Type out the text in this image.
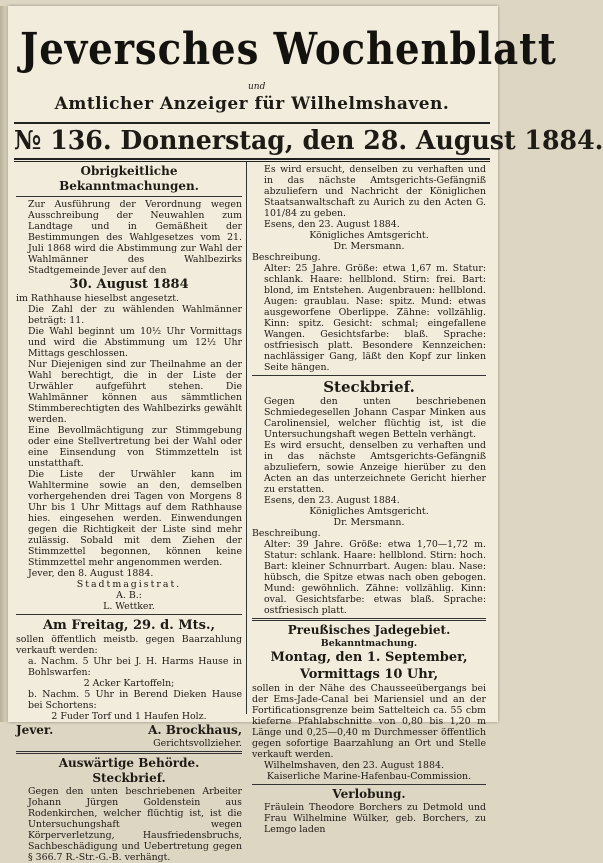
Jeversches Wochenblatt
und
Amtlicher Anzeiger für Wilhelmshaven.
№ 136. Donnerstag, den 28. August 1884.
Obrigkeitliche Bekanntmachungen.

Zur Ausführung der Verordnung wegen Ausschreibung der Neuwahlen zum Landtage und in Gemäßheit der Bestimmungen des Wahlgesetzes vom 21. Juli 1868 wird die Abstimmung zur Wahl der Wahlmänner des Wahlbezirks Stadtgemeinde Jever auf den

30. August 1884

im Rathhause hieselbst angesetzt.

Die Zahl der zu wählenden Wahlmänner beträgt: 11.

Die Wahl beginnt um 10½ Uhr Vormittags und wird die Abstimmung um 12½ Uhr Mittags geschlossen.

Nur Diejenigen sind zur Theilnahme an der Wahl berechtigt, die in der Liste der Urwähler aufgeführt stehen. Die Wahlmänner können aus sämmtlichen Stimmberechtigten des Wahlbezirks gewählt werden.

Eine Bevollmächtigung zur Stimmgebung oder eine Stellvertretung bei der Wahl oder eine Einsendung von Stimmzetteln ist unstatthaft.

Die Liste der Urwähler kann im Wahltermine sowie an den, demselben vorhergehenden drei Tagen von Morgens 8 Uhr bis 1 Uhr Mittags auf dem Rathhause hies. eingesehen werden. Einwendungen gegen die Richtigkeit der Liste sind mehr zulässig. Sobald mit dem Ziehen der Stimmzettel begonnen, können keine Stimmzettel mehr angenommen werden.

Jever, den 8. August 1884.

Stadtmagistrat.
A. B.:
L. Wettker.
Am Freitag, 29. d. Mts.,

sollen öffentlich meistb. gegen Baarzahlung verkauft werden:

a. Nachm. 5 Uhr bei J. H. Harms Hause in Bohlswarfen:

2 Acker Kartoffeln;

b. Nachm. 5 Uhr in Berend Dieken Hause bei Schortens:

2 Fuder Torf und 1 Haufen Holz.
Jever.	A. Brockhaus,
Gerichtsvollzieher.
Auswärtige Behörde.
Steckbrief.

Gegen den unten beschriebenen Arbeiter Johann Jürgen Goldenstein aus Rodenkirchen, welcher flüchtig ist, ist die Untersuchungshaft wegen Körperverletzung, Hausfriedensbruchs, Sachbeschädigung und Uebertretung gegen § 366.7 R.-Str.-G.-B. verhängt.

Es wird ersucht, denselben zu verhaften und in das nächste Amtsgerichts-Gefängniß abzuliefern und Nachricht der Königlichen Staatsanwaltschaft zu Aurich zu den Acten G. 101/84 zu geben.

Esens, den 23. August 1884.

Königliches Amtsgericht.
Dr. Mersmann.

Beschreibung.

Alter: 25 Jahre. Größe: etwa 1,67 m. Statur: schlank. Haare: hellblond. Stirn: frei. Bart: blond, im Entstehen. Augenbrauen: hellblond. Augen: graublau. Nase: spitz. Mund: etwas ausgeworfene Oberlippe. Zähne: vollzählig. Kinn: spitz. Gesicht: schmal; eingefallene Wangen. Gesichtsfarbe: blaß. Sprache: ostfriesisch platt. Besondere Kennzeichen: nachlässiger Gang, läßt den Kopf zur linken Seite hängen.

Steckbrief.

Gegen den unten beschriebenen Schmiedegesellen Johann Caspar Minken aus Carolinensiel, welcher flüchtig ist, ist die Untersuchungshaft wegen Betteln verhängt.

Es wird ersucht, denselben zu verhaften und in das nächste Amtsgerichts-Gefängniß abzuliefern, sowie Anzeige hierüber zu den Acten an das unterzeichnete Gericht hierher zu erstatten.

Esens, den 23. August 1884.

Königliches Amtsgericht.
Dr. Mersmann.

Beschreibung.

Alter: 39 Jahre. Größe: etwa 1,70—1,72 m. Statur: schlank. Haare: hellblond. Stirn: hoch. Bart: kleiner Schnurrbart. Augen: blau. Nase: hübsch, die Spitze etwas nach oben gebogen. Mund: gewöhnlich. Zähne: vollzählig. Kinn: oval. Gesichtsfarbe: etwas blaß. Sprache: ostfriesisch platt.

Preußisches Jadegebiet.
Bekanntmachung.
Montag, den 1. September,
Vormittags 10 Uhr,

sollen in der Nähe des Chausseeübergangs bei der Ems-Jade-Canal bei Mariensiel und an der Fortificationsgrenze beim Sattelteich ca. 55 cbm kieferne Pfahlabschnitte von 0,80 bis 1,20 m Länge und 0,25—0,40 m Durchmesser öffentlich gegen sofortige Baarzahlung an Ort und Stelle verkauft werden.

Wilhelmshaven, den 23. August 1884.

Kaiserliche Marine-Hafenbau-Commission.
Verlobung.

Fräulein Theodore Borchers zu Detmold und Frau Wilhelmine Wülker, geb. Borchers, zu Lemgo laden
